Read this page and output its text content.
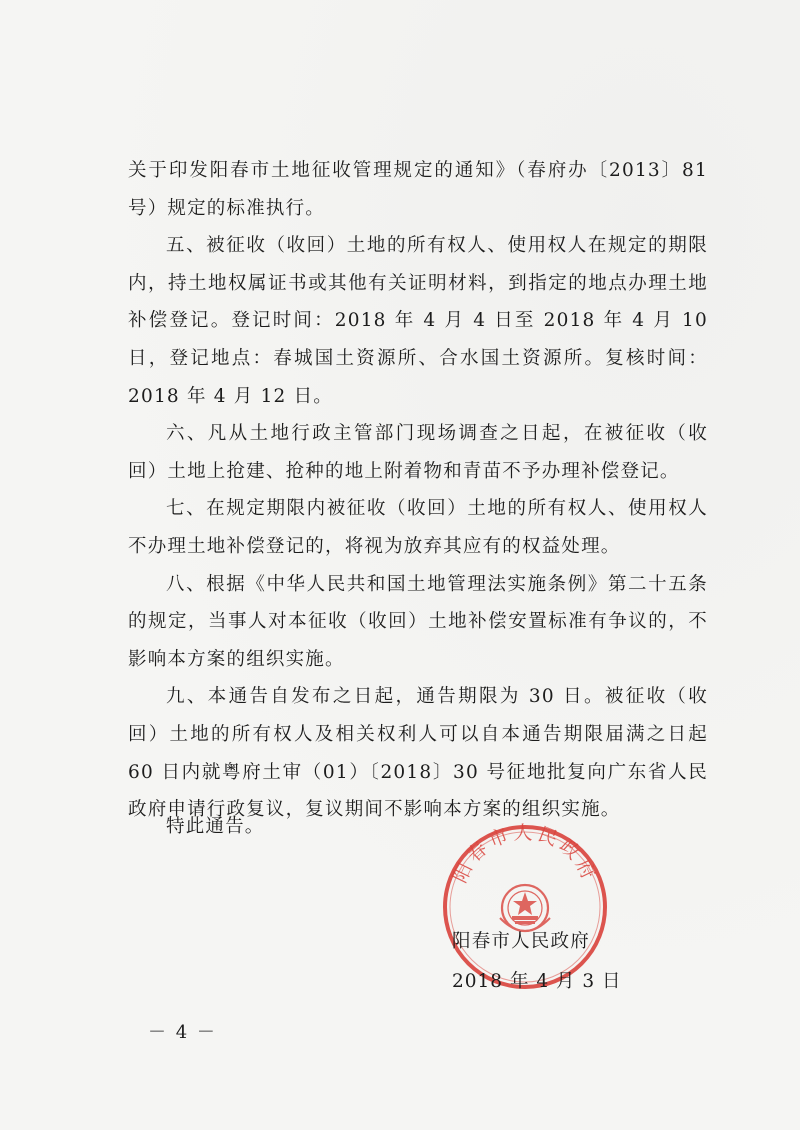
关于印发阳春市土地征收管理规定的通知》（春府办〔2013〕81号）规定的标准执行。

五、被征收（收回）土地的所有权人、使用权人在规定的期限内，持土地权属证书或其他有关证明材料，到指定的地点办理土地补偿登记。登记时间：2018 年 4 月 4 日至 2018 年 4 月 10 日，登记地点：春城国土资源所、合水国土资源所。复核时间：2018 年 4 月 12 日。

六、凡从土地行政主管部门现场调查之日起，在被征收（收回）土地上抢建、抢种的地上附着物和青苗不予办理补偿登记。

七、在规定期限内被征收（收回）土地的所有权人、使用权人不办理土地补偿登记的，将视为放弃其应有的权益处理。

八、根据《中华人民共和国土地管理法实施条例》第二十五条的规定，当事人对本征收（收回）土地补偿安置标准有争议的，不影响本方案的组织实施。

九、本通告自发布之日起，通告期限为 30 日。被征收（收回）土地的所有权人及相关权利人可以自本通告期限届满之日起 60 日内就粤府土审（01）〔2018〕30 号征地批复向广东省人民政府申请行政复议，复议期间不影响本方案的组织实施。

特此通告。
阳春市人民政府
阳春市人民政府
2018 年 4 月 3 日
－ 4 －
